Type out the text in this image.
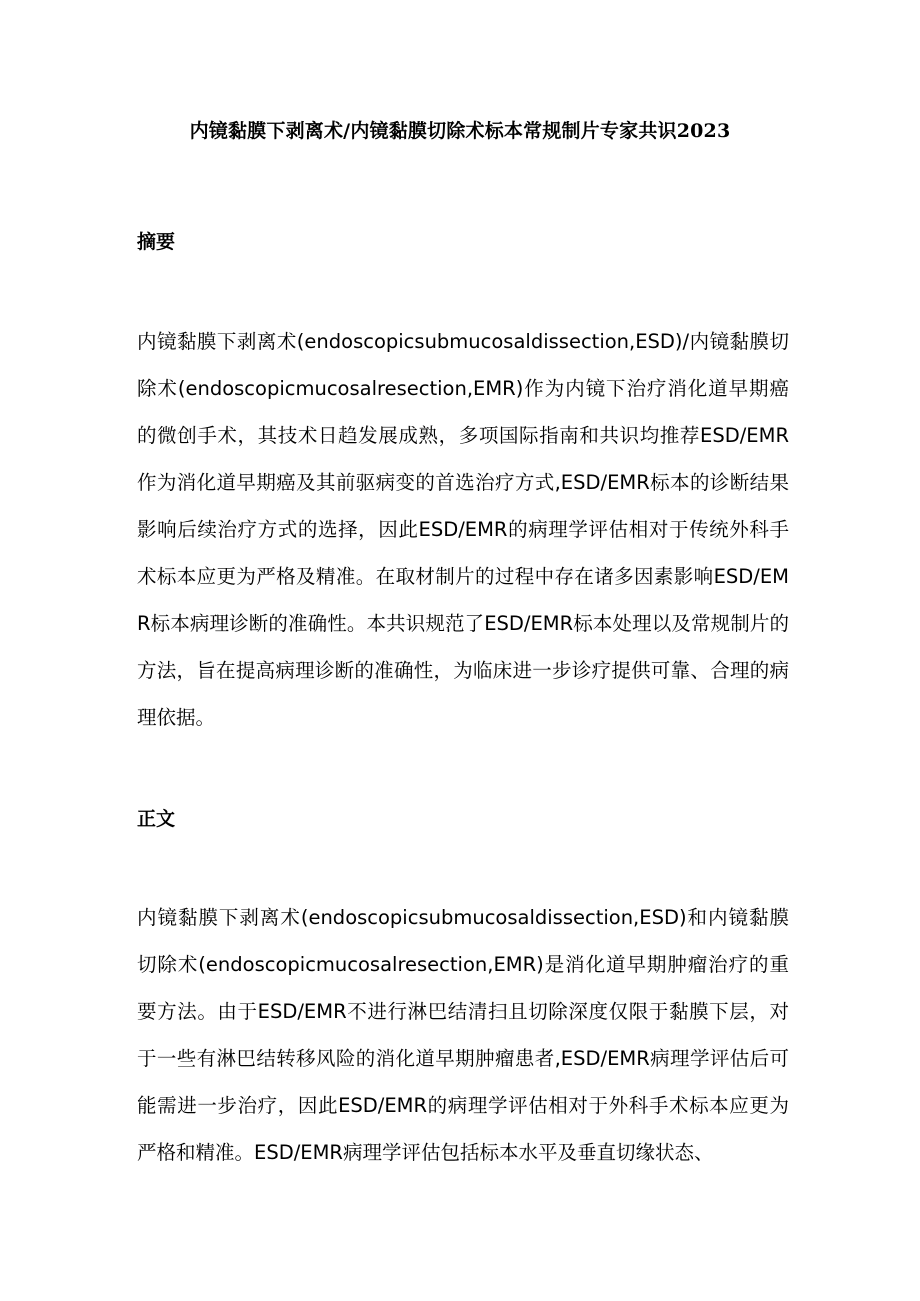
内镜黏膜下剥离术/内镜黏膜切除术标本常规制片专家共识2023
摘要

内镜黏膜下剥离术(endoscopicsubmucosaldissection,ESD)/内镜黏膜切除术(endoscopicmucosalresection,EMR)作为内镜下治疗消化道早期癌的微创手术，其技术日趋发展成熟，多项国际指南和共识均推荐ESD/EMR作为消化道早期癌及其前驱病变的首选治疗方式,ESD/EMR标本的诊断结果影响后续治疗方式的选择，因此ESD/EMR的病理学评估相对于传统外科手术标本应更为严格及精准。在取材制片的过程中存在诸多因素影响ESD/EMR标本病理诊断的准确性。本共识规范了ESD/EMR标本处理以及常规制片的方法，旨在提高病理诊断的准确性，为临床进一步诊疗提供可靠、合理的病理依据。

正文

内镜黏膜下剥离术(endoscopicsubmucosaldissection,ESD)和内镜黏膜切除术(endoscopicmucosalresection,EMR)是消化道早期肿瘤治疗的重要方法。由于ESD/EMR不进行淋巴结清扫且切除深度仅限于黏膜下层，对于一些有淋巴结转移风险的消化道早期肿瘤患者,ESD/EMR病理学评估后可能需进一步治疗，因此ESD/EMR的病理学评估相对于外科手术标本应更为严格和精准。ESD/EMR病理学评估包括标本水平及垂直切缘状态、
